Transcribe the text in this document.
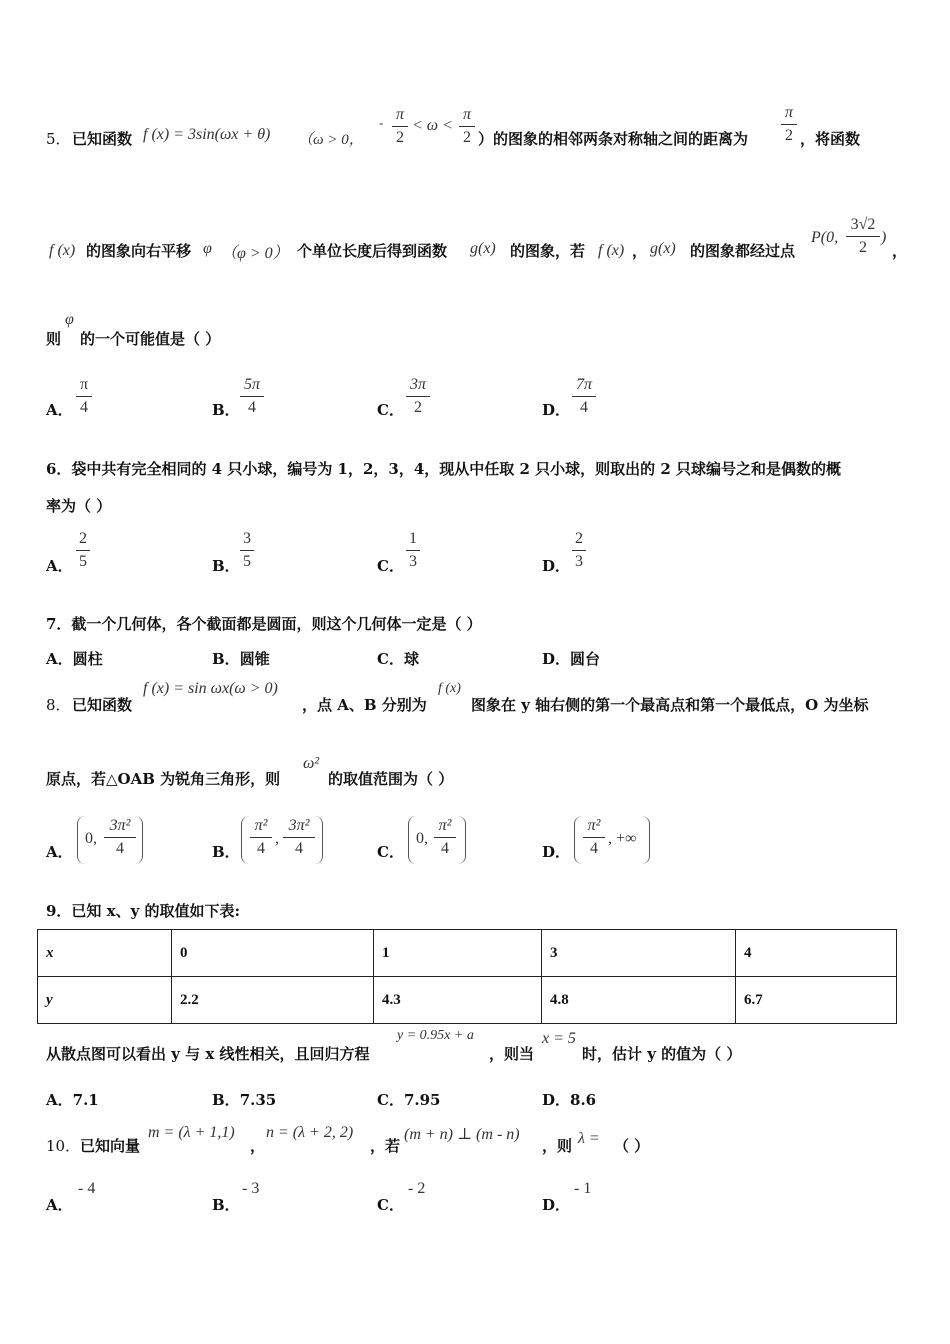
5． 已知函数 f (x) = 3sin(ωx + θ) （ω > 0，
- π
2
< ω <
π
2 ）的图象的相邻两条对称轴之间的距离为
π
2 ，将函数
f (x) 的图象向右平移 φ （φ > 0） 个单位长度后得到函数 g(x) 的图象，若 f (x) ， g(x) 的图象都经过点
P(0,
3√2
2
)
，
则
φ
的一个可能值是（ ）
A．
π
4	B．
5π
4	C．
3π
2	D．
7π
4
6．袋中共有完全相同的 4 只小球，编号为 1，2，3，4，现从中任取 2 只小球，则取出的 2 只球编号之和是偶数的概
率为（ ）
A．
2
5	B．
3
5	C．
1
3	D．
2
3
7．截一个几何体，各个截面都是圆面，则这个几何体一定是（ ）
A．圆柱	B．圆锥	C．球	D．圆台
8． 已知函数
f (x) = sin ωx(ω > 0)
，点 A、B 分别为
f (x)
图象在 y 轴右侧的第一个最高点和第一个最低点，O 为坐标
原点，若△OAB 为锐角三角形，则
ω²
的取值范围为（ ）
A．
0,
3π²
4	B．
π²
4
,
3π²
4	C．
0,
π²
4	D．
π²
4
, +∞
9．已知 x、y 的取值如下表:
x	0	1	3	4
y	2.2	4.3	4.8	6.7
从散点图可以看出 y 与 x 线性相关，且回归方程
y = 0.95x + a
，则当
x = 5
时，估计 y 的值为（ ）
A．7.1	B．7.35	C．7.95	D．8.6
10． 已知向量
m = (λ + 1,1)
，
n = (λ + 2, 2)
，若
(m + n) ⊥ (m - n)
，则 λ = （ ）
A．
- 4
B．
- 3
C．
- 2
D．
- 1
